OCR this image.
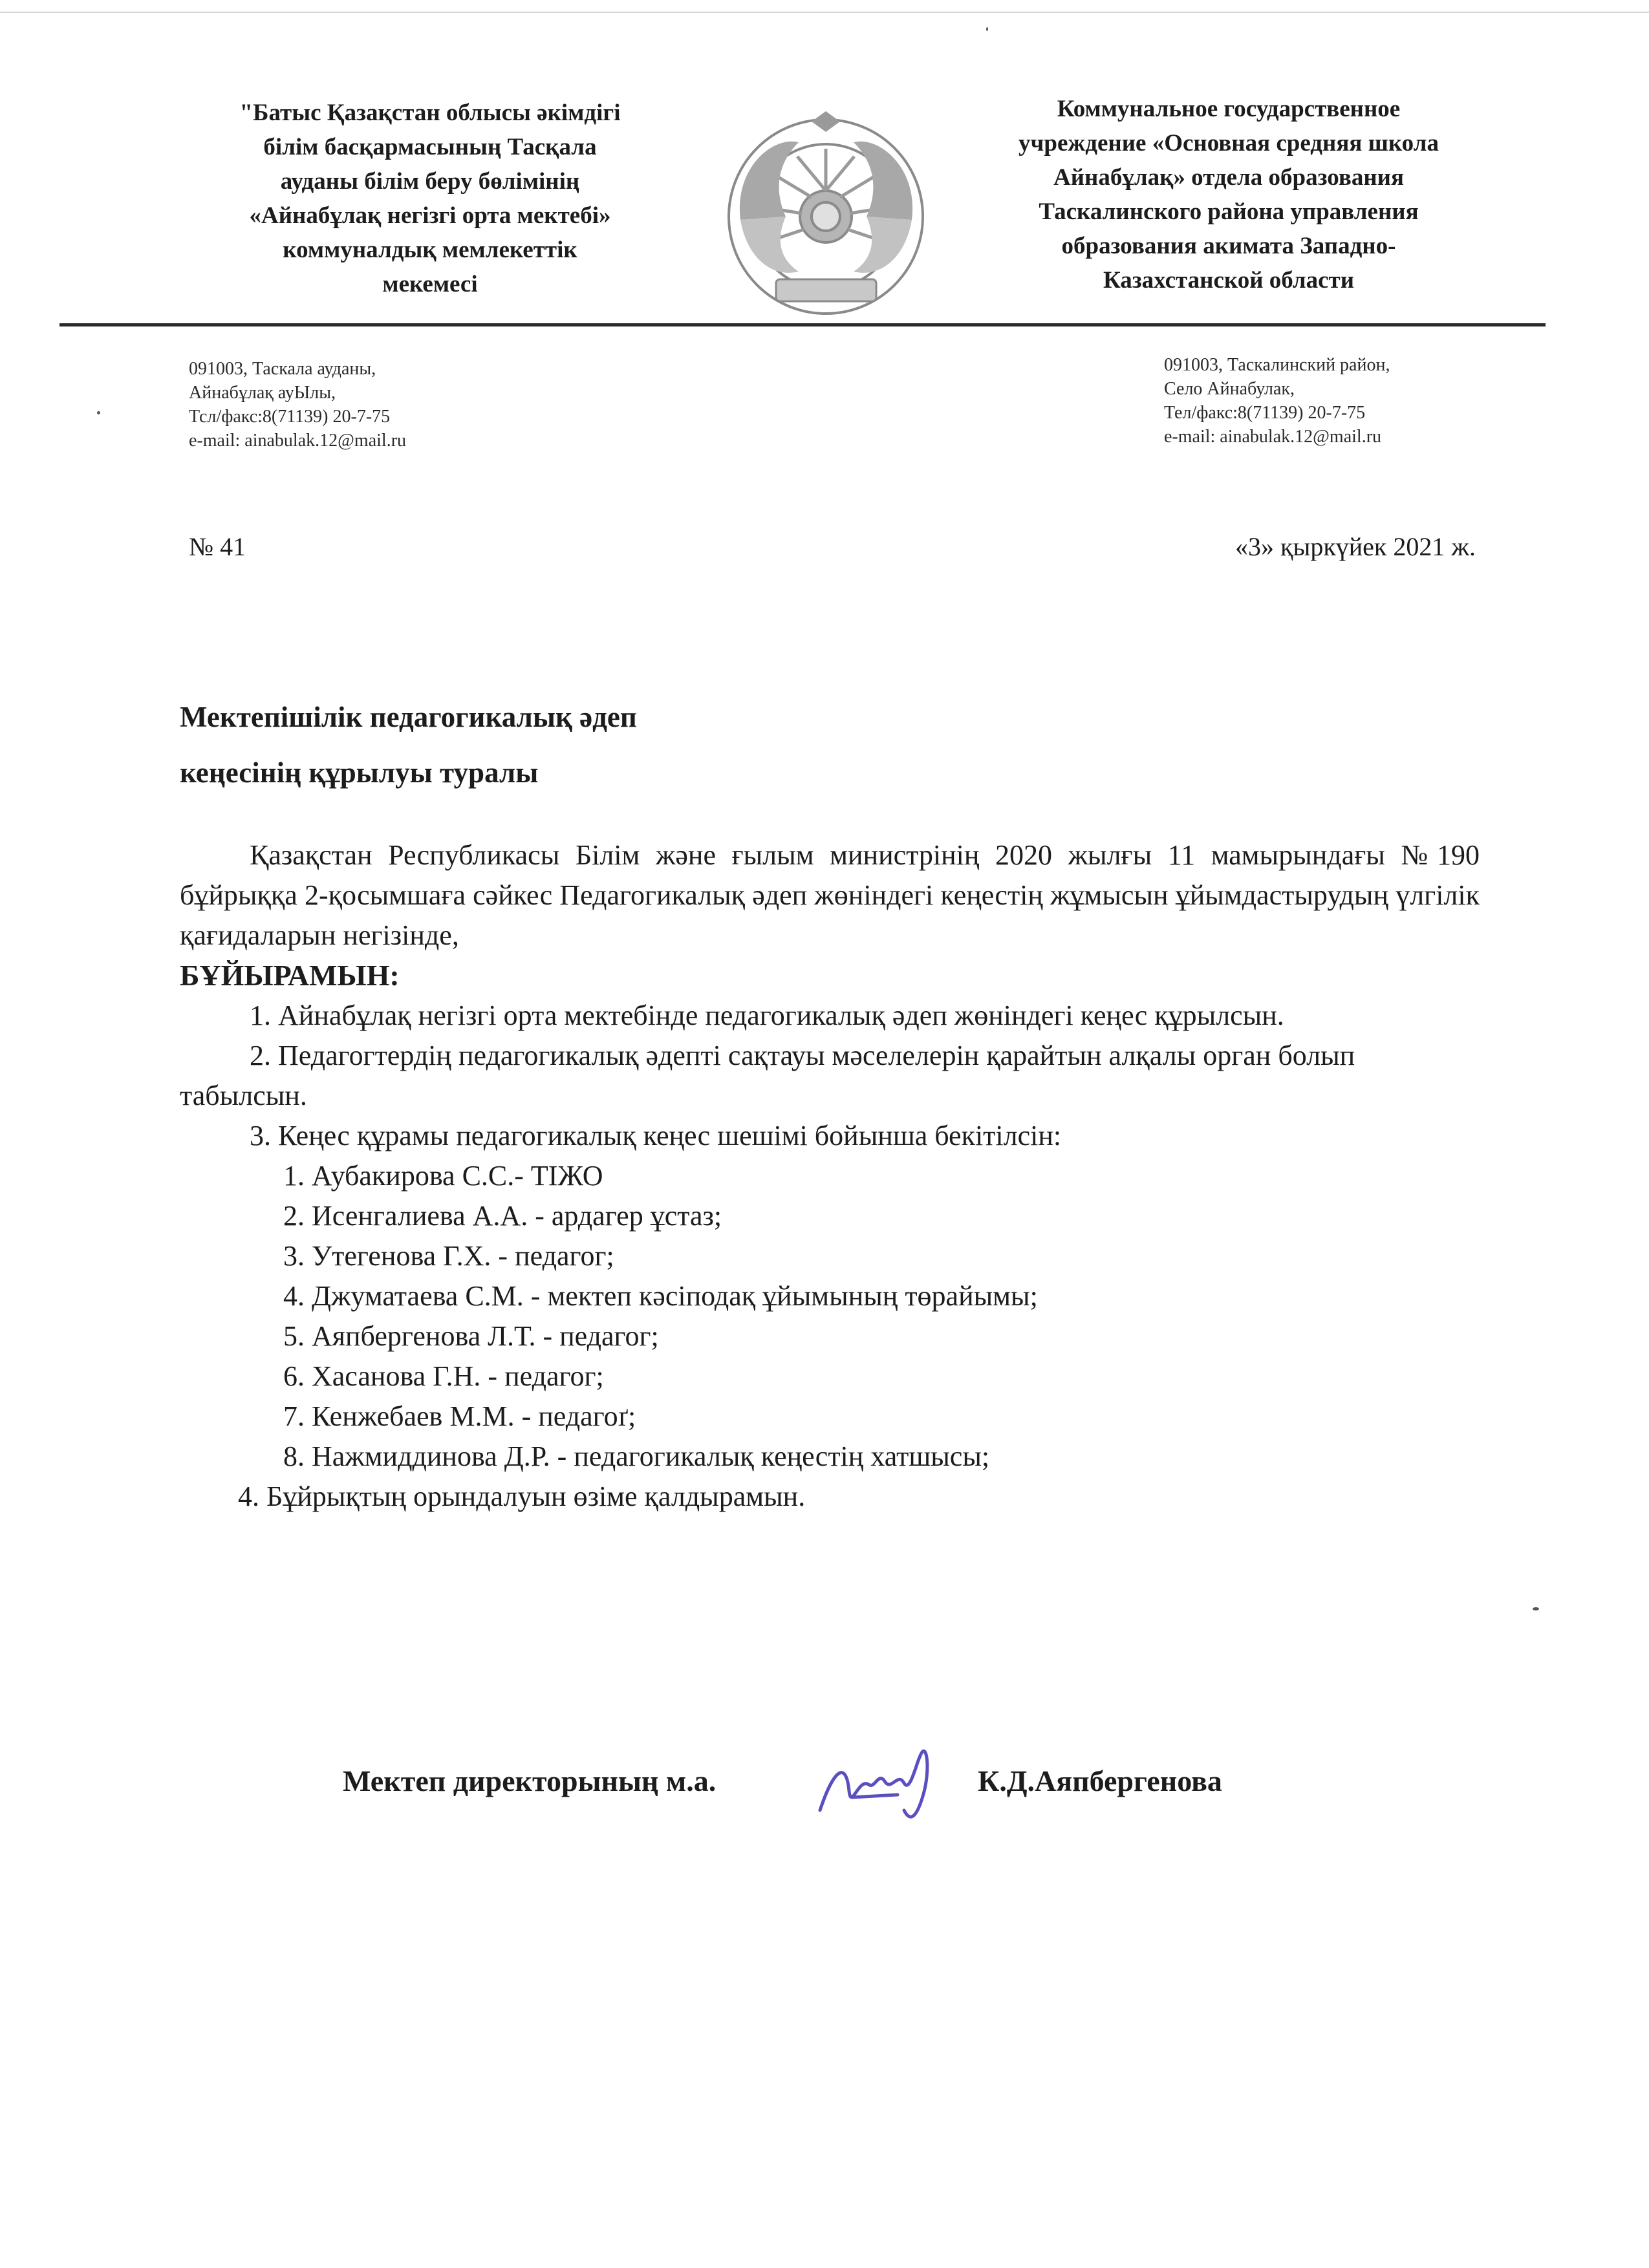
"Батыс Қазақстан облысы әкімдігі
білім басқармасының Тасқала
ауданы білім беру бөлімінің
«Айнабұлақ негізгі орта мектебі»
коммуналдық мемлекеттік
мекемесі
Коммунальное государственное
учреждение «Основная средняя школа
Айнабұлақ» отдела образования
Таскалинского района управления
образования акимата Западно-
Казахстанской области
091003, Таскала ауданы,
Айнабұлақ ауЫлы,
Тсл/факс:8(71139) 20-7-75
e-mail: ainabulak.12@mail.ru
091003, Таскалинский район,
Село Айнабулак,
Тел/факс:8(71139) 20-7-75
e-mail: ainabulak.12@mail.ru
№ 41	«3» қыркүйек 2021 ж.
Мектепішілік педагогикалық әдеп
кеңесінің құрылуы туралы

Қазақстан Республикасы Білім және ғылым министрінің 2020 жылғы 11 мамырындағы №190 бұйрыққа 2-қосымшаға сәйкес Педагогикалық әдеп жөніндегі кеңестің жұмысын ұйымдастырудың үлгілік қағидаларын негізінде,

БҰЙЫРАМЫН:

1. Айнабұлақ негізгі орта мектебінде педагогикалық әдеп жөніндегі кеңес құрылсын.

2. Педагогтердің педагогикалық әдепті сақтауы мәселелерін қарайтын алқалы орган болып табылсын.

3. Кеңес құрамы педагогикалық кеңес шешімі бойынша бекітілсін:

1. Аубакирова С.С.- ТІЖО
2. Исенгалиева А.А. - ардагер ұстаз;
3. Утегенова Г.Х. - педагог;
4. Джуматаева С.М. - мектеп кәсіподақ ұйымының төрайымы;
5. Аяпбергенова Л.Т. - педагог;
6. Хасанова Г.Н. - педагог;
7. Кенжебаев М.М. - педагоґ;
8. Нажмиддинова Д.Р. - педагогикалық кеңестің хатшысы;

4. Бұйрықтың орындалуын өзіме қалдырамын.

Мектеп директорының м.а.	К.Д.Аяпбергенова
